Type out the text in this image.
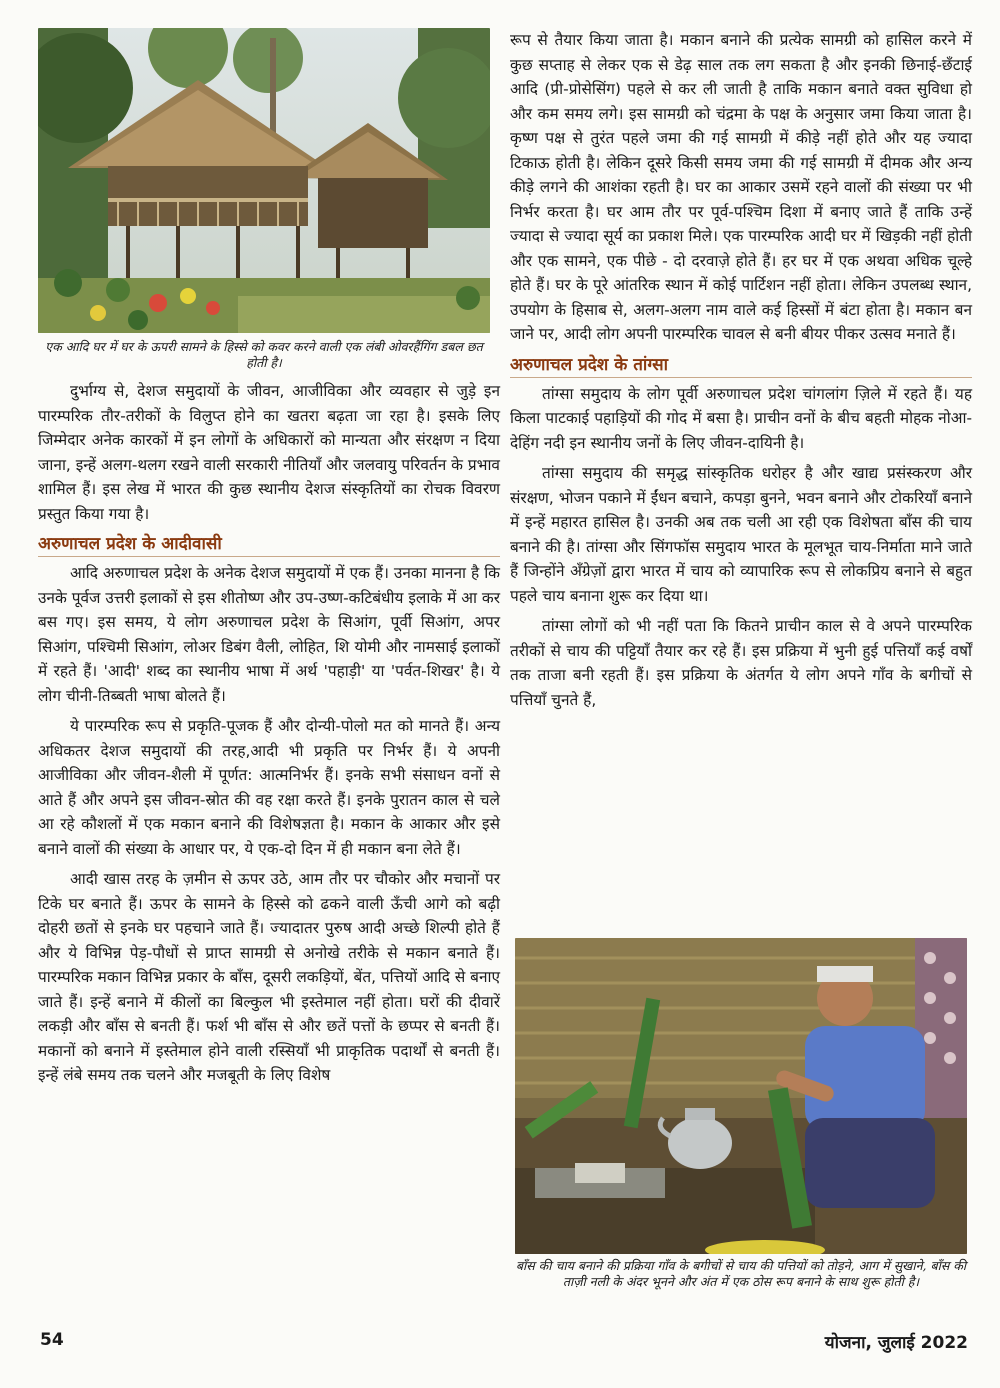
एक आदि घर में घर के ऊपरी सामने के हिस्से को कवर करने वाली एक लंबी ओवरहैंगिंग डबल छत होती है।

दुर्भाग्य से, देशज समुदायों के जीवन, आजीविका और व्यवहार से जुड़े इन पारम्परिक तौर-तरीकों के विलुप्त होने का खतरा बढ़ता जा रहा है। इसके लिए जिम्मेदार अनेक कारकों में इन लोगों के अधिकारों को मान्यता और संरक्षण न दिया जाना, इन्हें अलग-थलग रखने वाली सरकारी नीतियाँ और जलवायु परिवर्तन के प्रभाव शामिल हैं। इस लेख में भारत की कुछ स्थानीय देशज संस्कृतियों का रोचक विवरण प्रस्तुत किया गया है।

अरुणाचल प्रदेश के आदीवासी

आदि अरुणाचल प्रदेश के अनेक देशज समुदायों में एक हैं। उनका मानना है कि उनके पूर्वज उत्तरी इलाकों से इस शीतोष्ण और उप-उष्ण-कटिबंधीय इलाके में आ कर बस गए। इस समय, ये लोग अरुणाचल प्रदेश के सिआंग, पूर्वी सिआंग, अपर सिआंग, पश्चिमी सिआंग, लोअर डिबंग वैली, लोहित, शि योमी और नामसाई इलाकों में रहते हैं। 'आदी' शब्द का स्थानीय भाषा में अर्थ 'पहाड़ी' या 'पर्वत-शिखर' है। ये लोग चीनी-तिब्बती भाषा बोलते हैं।

ये पारम्परिक रूप से प्रकृति-पूजक हैं और दोन्यी-पोलो मत को मानते हैं। अन्य अधिकतर देशज समुदायों की तरह,आदी भी प्रकृति पर निर्भर हैं। ये अपनी आजीविका और जीवन-शैली में पूर्णत: आत्मनिर्भर हैं। इनके सभी संसाधन वनों से आते हैं और अपने इस जीवन-स्रोत की वह रक्षा करते हैं। इनके पुरातन काल से चले आ रहे कौशलों में एक मकान बनाने की विशेषज्ञता है। मकान के आकार और इसे बनाने वालों की संख्या के आधार पर, ये एक-दो दिन में ही मकान बना लेते हैं।

आदी खास तरह के ज़मीन से ऊपर उठे, आम तौर पर चौकोर और मचानों पर टिके घर बनाते हैं। ऊपर के सामने के हिस्से को ढकने वाली ऊँची आगे को बढ़ी दोहरी छतों से इनके घर पहचाने जाते हैं। ज्यादातर पुरुष आदी अच्छे शिल्पी होते हैं और ये विभिन्न पेड़-पौधों से प्राप्त सामग्री से अनोखे तरीके से मकान बनाते हैं। पारम्परिक मकान विभिन्न प्रकार के बाँस, दूसरी लकड़ियों, बेंत, पत्तियों आदि से बनाए जाते हैं। इन्हें बनाने में कीलों का बिल्कुल भी इस्तेमाल नहीं होता। घरों की दीवारें लकड़ी और बाँस से बनती हैं। फर्श भी बाँस से और छतें पत्तों के छप्पर से बनती हैं। मकानों को बनाने में इस्तेमाल होने वाली रस्सियाँ भी प्राकृतिक पदार्थों से बनती हैं। इन्हें लंबे समय तक चलने और मजबूती के लिए विशेष

रूप से तैयार किया जाता है। मकान बनाने की प्रत्येक सामग्री को हासिल करने में कुछ सप्ताह से लेकर एक से डेढ़ साल तक लग सकता है और इनकी छिनाई-छँटाई आदि (प्री-प्रोसेसिंग) पहले से कर ली जाती है ताकि मकान बनाते वक्त सुविधा हो और कम समय लगे। इस सामग्री को चंद्रमा के पक्ष के अनुसार जमा किया जाता है। कृष्ण पक्ष से तुरंत पहले जमा की गई सामग्री में कीड़े नहीं होते और यह ज्यादा टिकाऊ होती है। लेकिन दूसरे किसी समय जमा की गई सामग्री में दीमक और अन्य कीड़े लगने की आशंका रहती है। घर का आकार उसमें रहने वालों की संख्या पर भी निर्भर करता है। घर आम तौर पर पूर्व-पश्चिम दिशा में बनाए जाते हैं ताकि उन्हें ज्यादा से ज्यादा सूर्य का प्रकाश मिले। एक पारम्परिक आदी घर में खिड़की नहीं होती और एक सामने, एक पीछे - दो दरवाज़े होते हैं। हर घर में एक अथवा अधिक चूल्हे होते हैं। घर के पूरे आंतरिक स्थान में कोई पार्टिशन नहीं होता। लेकिन उपलब्ध स्थान, उपयोग के हिसाब से, अलग-अलग नाम वाले कई हिस्सों में बंटा होता है। मकान बन जाने पर, आदी लोग अपनी पारम्परिक चावल से बनी बीयर पीकर उत्सव मनाते हैं।

अरुणाचल प्रदेश के तांग्सा

तांग्सा समुदाय के लोग पूर्वी अरुणाचल प्रदेश चांगलांग ज़िले में रहते हैं। यह किला पाटकाई पहाड़ियों की गोद में बसा है। प्राचीन वनों के बीच बहती मोहक नोआ-देहिंग नदी इन स्थानीय जनों के लिए जीवन-दायिनी है।

तांग्सा समुदाय की समृद्ध सांस्कृतिक धरोहर है और खाद्य प्रसंस्करण और संरक्षण, भोजन पकाने में ईंधन बचाने, कपड़ा बुनने, भवन बनाने और टोकरियाँ बनाने में इन्हें महारत हासिल है। उनकी अब तक चली आ रही एक विशेषता बाँस की चाय बनाने की है। तांग्सा और सिंगफॉस समुदाय भारत के मूलभूत चाय-निर्माता माने जाते हैं जिन्होंने अँग्रेज़ों द्वारा भारत में चाय को व्यापारिक रूप से लोकप्रिय बनाने से बहुत पहले चाय बनाना शुरू कर दिया था।

तांग्सा लोगों को भी नहीं पता कि कितने प्राचीन काल से वे अपने पारम्परिक तरीकों से चाय की पट्टियाँ तैयार कर रहे हैं। इस प्रक्रिया में भुनी हुई पत्तियाँ कई वर्षों तक ताजा बनी रहती हैं। इस प्रक्रिया के अंतर्गत ये लोग अपने गाँव के बगीचों से पत्तियाँ चुनते हैं,

बाँस की चाय बनाने की प्रक्रिया गाँव के बगीचों से चाय की पत्तियों को तोड़ने, आग में सुखाने, बाँस की ताज़ी नली के अंदर भूनने और अंत में एक ठोस रूप बनाने के साथ शुरू होती है।
54	योजना, जुलाई 2022
